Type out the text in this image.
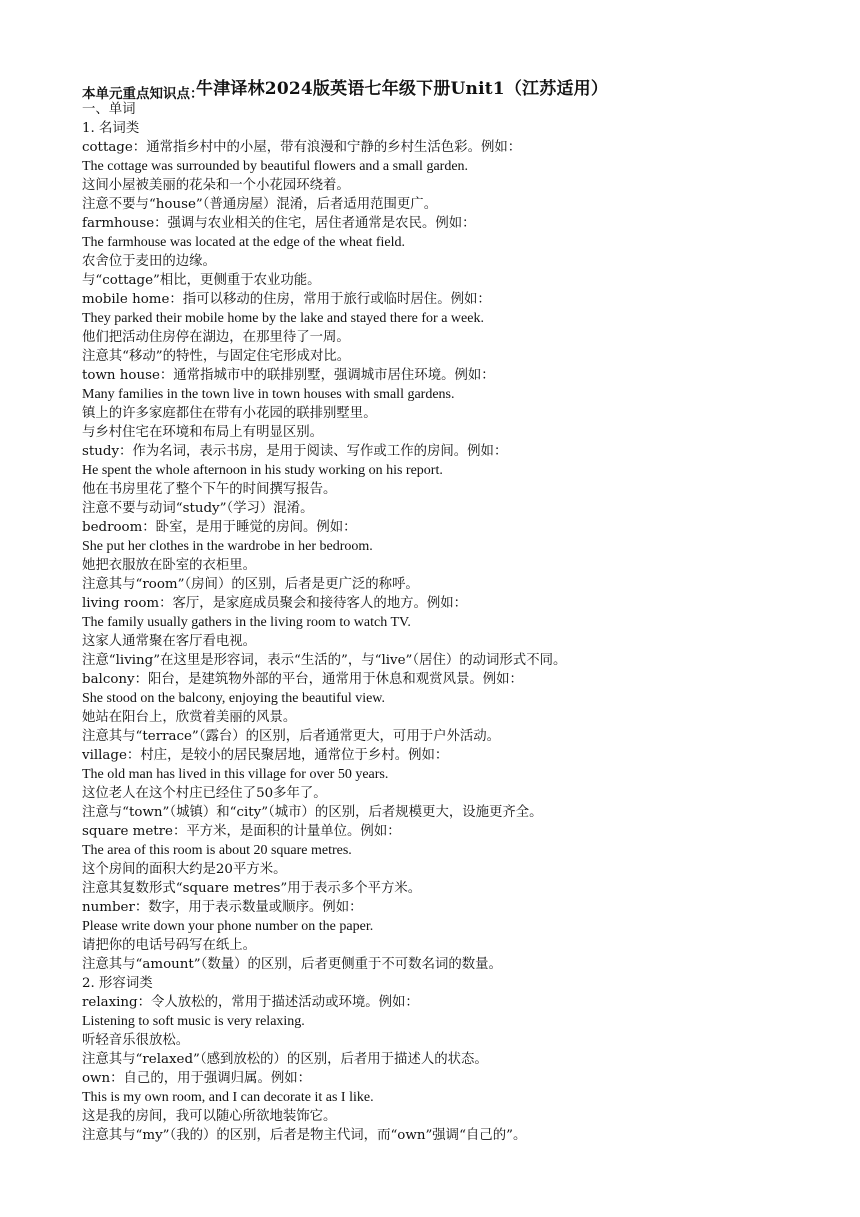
牛津译林2024版英语七年级下册Unit1（江苏适用）
本单元重点知识点：
一、单词
1. 名词类
cottage：通常指乡村中的小屋，带有浪漫和宁静的乡村生活色彩。例如：
The cottage was surrounded by beautiful flowers and a small garden.
这间小屋被美丽的花朵和一个小花园环绕着。
注意不要与“house”（普通房屋）混淆，后者适用范围更广。
farmhouse：强调与农业相关的住宅，居住者通常是农民。例如：
The farmhouse was located at the edge of the wheat field.
农舍位于麦田的边缘。
与“cottage”相比，更侧重于农业功能。
mobile home：指可以移动的住房，常用于旅行或临时居住。例如：
They parked their mobile home by the lake and stayed there for a week.
他们把活动住房停在湖边，在那里待了一周。
注意其“移动”的特性，与固定住宅形成对比。
town house：通常指城市中的联排别墅，强调城市居住环境。例如：
Many families in the town live in town houses with small gardens.
镇上的许多家庭都住在带有小花园的联排别墅里。
与乡村住宅在环境和布局上有明显区别。
study：作为名词，表示书房，是用于阅读、写作或工作的房间。例如：
He spent the whole afternoon in his study working on his report.
他在书房里花了整个下午的时间撰写报告。
注意不要与动词“study”（学习）混淆。
bedroom：卧室，是用于睡觉的房间。例如：
She put her clothes in the wardrobe in her bedroom.
她把衣服放在卧室的衣柜里。
注意其与“room”（房间）的区别，后者是更广泛的称呼。
living room：客厅，是家庭成员聚会和接待客人的地方。例如：
The family usually gathers in the living room to watch TV.
这家人通常聚在客厅看电视。
注意“living”在这里是形容词，表示“生活的”，与“live”（居住）的动词形式不同。
balcony：阳台，是建筑物外部的平台，通常用于休息和观赏风景。例如：
She stood on the balcony, enjoying the beautiful view.
她站在阳台上，欣赏着美丽的风景。
注意其与“terrace”（露台）的区别，后者通常更大，可用于户外活动。
village：村庄，是较小的居民聚居地，通常位于乡村。例如：
The old man has lived in this village for over 50 years.
这位老人在这个村庄已经住了50多年了。
注意与“town”（城镇）和“city”（城市）的区别，后者规模更大，设施更齐全。
square metre：平方米，是面积的计量单位。例如：
The area of this room is about 20 square metres.
这个房间的面积大约是20平方米。
注意其复数形式“square metres”用于表示多个平方米。
number：数字，用于表示数量或顺序。例如：
Please write down your phone number on the paper.
请把你的电话号码写在纸上。
注意其与“amount”（数量）的区别，后者更侧重于不可数名词的数量。
2. 形容词类
relaxing：令人放松的，常用于描述活动或环境。例如：
Listening to soft music is very relaxing.
听轻音乐很放松。
注意其与“relaxed”（感到放松的）的区别，后者用于描述人的状态。
own：自己的，用于强调归属。例如：
This is my own room, and I can decorate it as I like.
这是我的房间，我可以随心所欲地装饰它。
注意其与“my”（我的）的区别，后者是物主代词，而“own”强调“自己的”。
